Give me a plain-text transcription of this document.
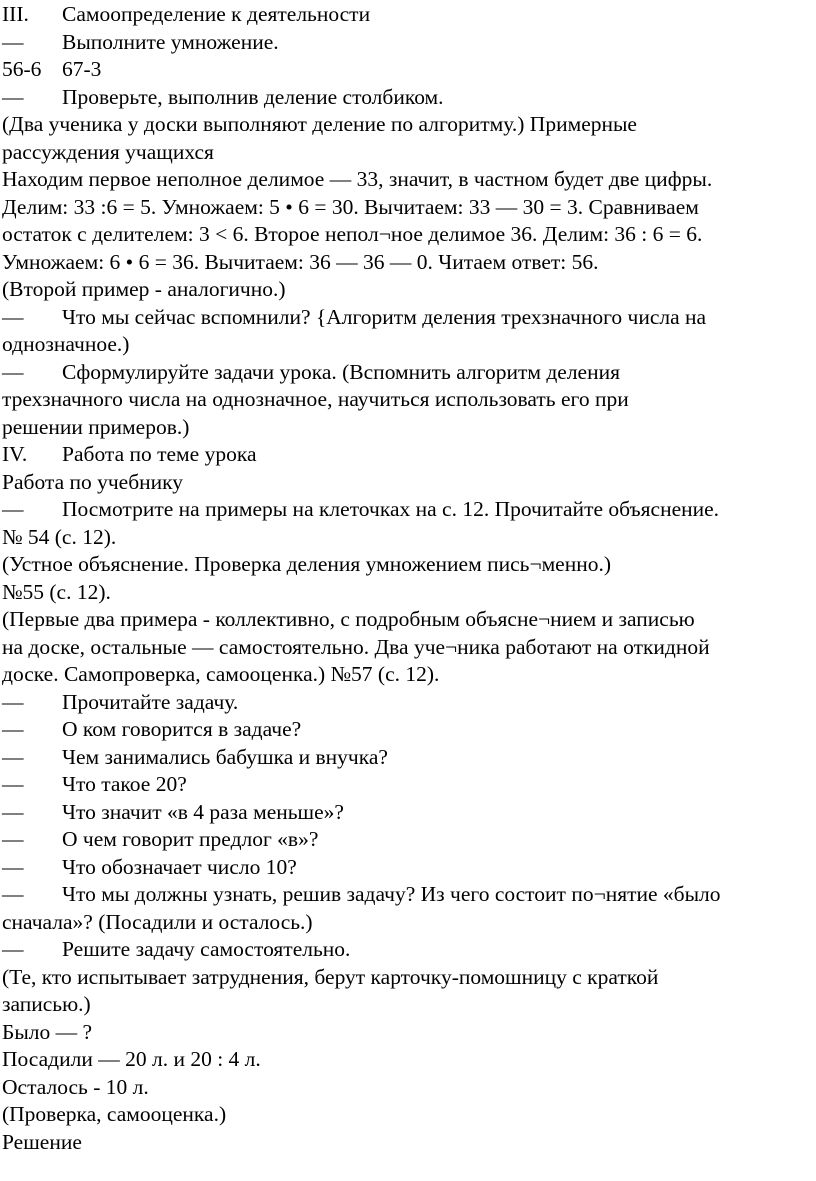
III. Самоопределение к деятельности
— Выполните умножение.
56-6 67-3
— Проверьте, выполнив деление столбиком.
(Два ученика у доски выполняют деление по алгоритму.) Примерные
рассуждения учащихся
Находим первое неполное делимое — 33, значит, в частном будет две цифры.
Делим: 33 :6 = 5. Умножаем: 5 • 6 = 30. Вычитаем: 33 — 30 = 3. Сравниваем
остаток с делителем: 3 < 6. Второе непол¬ное делимое 36. Делим: 36 : 6 = 6.
Умножаем: 6 • 6 = 36. Вычитаем: 36 — 36 — 0. Читаем ответ: 56.
(Второй пример - аналогично.)
— Что мы сейчас вспомнили? {Алгоритм деления трехзначного числа на
однозначное.)
— Сформулируйте задачи урока. (Вспомнить алгоритм деления
трехзначного числа на однозначное, научиться использовать его при
решении примеров.)
IV. Работа по теме урока
Работа по учебнику
— Посмотрите на примеры на клеточках на с. 12. Прочитайте объяснение.
№ 54 (с. 12).
(Устное объяснение. Проверка деления умножением пись¬менно.)
№55 (с. 12).
(Первые два примера - коллективно, с подробным объясне¬нием и записью
на доске, остальные — самостоятельно. Два уче¬ника работают на откидной
доске. Самопроверка, самооценка.) №57 (с. 12).
— Прочитайте задачу.
— О ком говорится в задаче?
— Чем занимались бабушка и внучка?
— Что такое 20?
— Что значит «в 4 раза меньше»?
— О чем говорит предлог «в»?
— Что обозначает число 10?
— Что мы должны узнать, решив задачу? Из чего состоит по¬нятие «было
сначала»? (Посадили и осталось.)
— Решите задачу самостоятельно.
(Те, кто испытывает затруднения, берут карточку-помошницу с краткой
записью.)
Было — ?
Посадили — 20 л. и 20 : 4 л.
Осталось - 10 л.
(Проверка, самооценка.)
Решение
